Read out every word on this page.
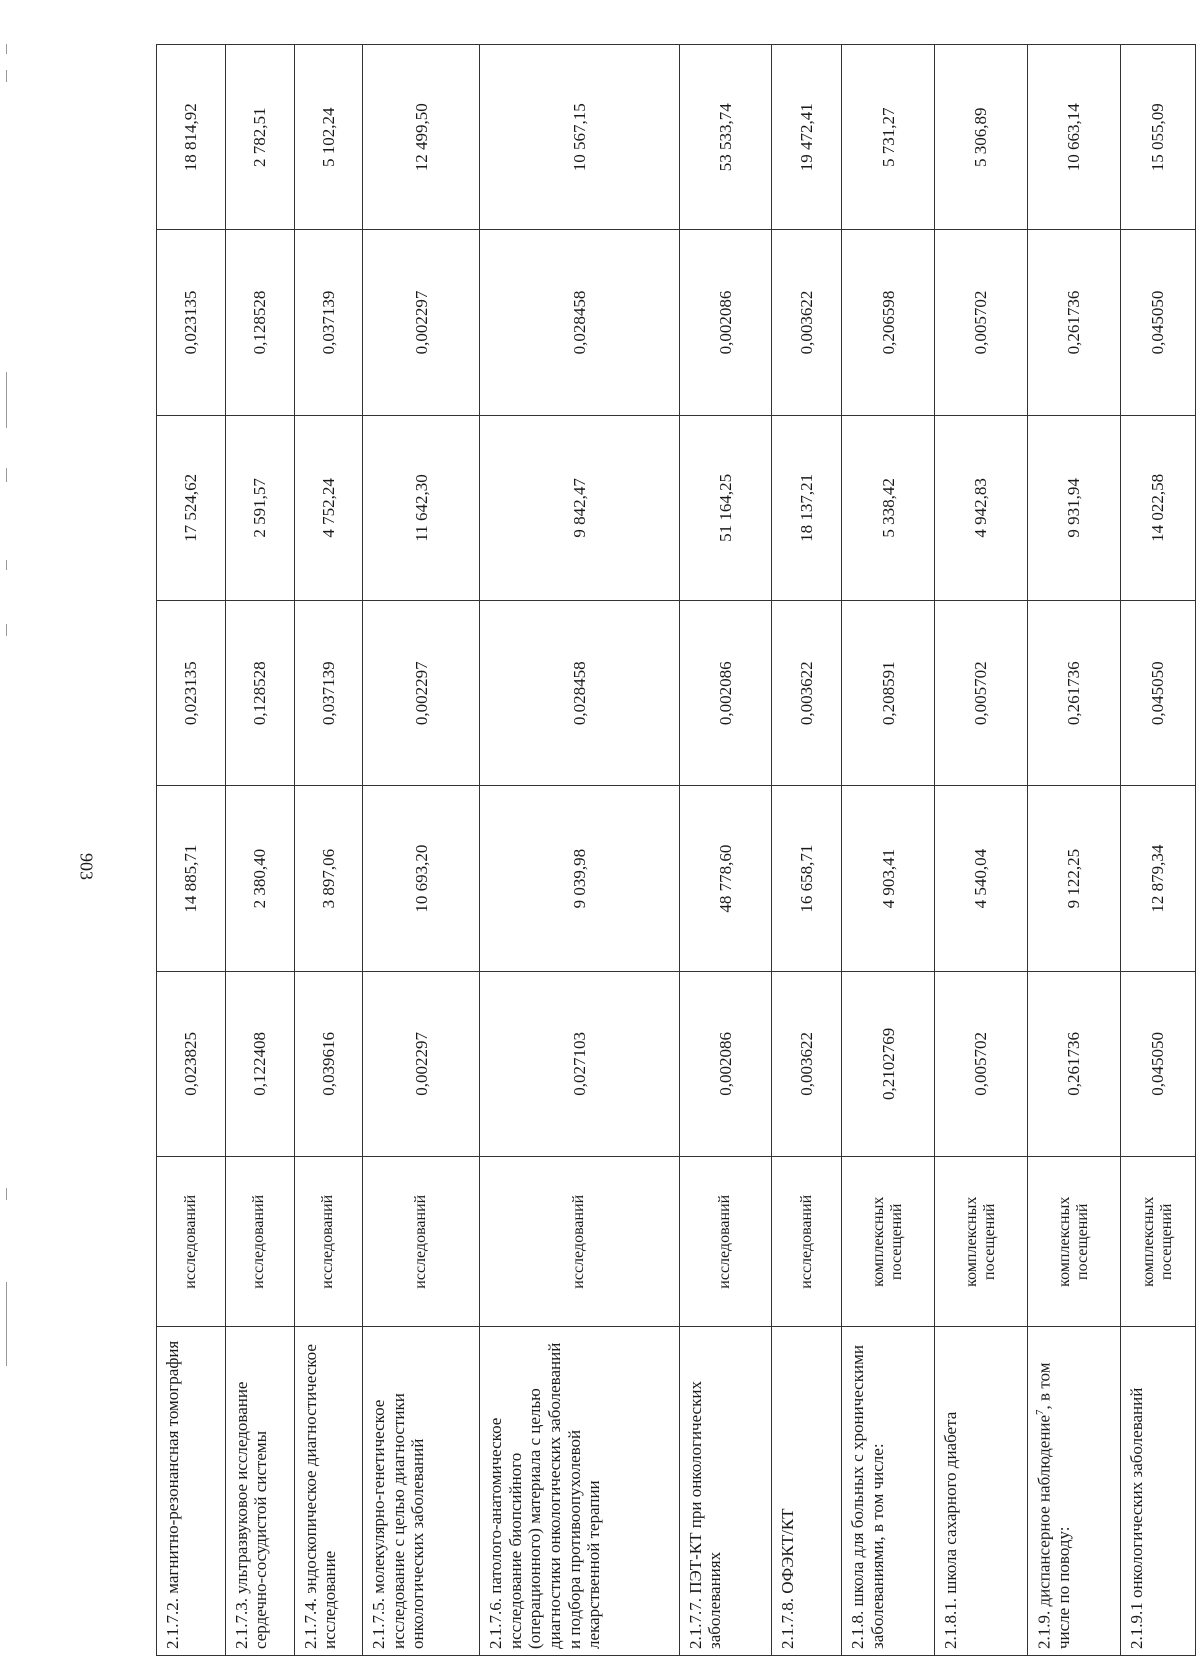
903
2.1.7.2. магнитно-резонансная томография	исследований	0,023825	14 885,71	0,023135	17 524,62	0,023135	18 814,92
2.1.7.3. ультразвуковое исследование сердечно-сосудистой системы	исследований	0,122408	2 380,40	0,128528	2 591,57	0,128528	2 782,51
2.1.7.4. эндоскопическое диагностическое исследование	исследований	0,039616	3 897,06	0,037139	4 752,24	0,037139	5 102,24
2.1.7.5. молекулярно-генетическое исследование с целью диагностики онкологических заболеваний	исследований	0,002297	10 693,20	0,002297	11 642,30	0,002297	12 499,50
2.1.7.6. патолого-анатомическое исследование биопсийного (операционного) материала с целью диагностики онкологических заболеваний и подбора противоопухолевой лекарственной терапии	исследований	0,027103	9 039,98	0,028458	9 842,47	0,028458	10 567,15
2.1.7.7. ПЭТ-КТ при онкологических заболеваниях	исследований	0,002086	48 778,60	0,002086	51 164,25	0,002086	53 533,74
2.1.7.8. ОФЭКТ/КТ	исследований	0,003622	16 658,71	0,003622	18 137,21	0,003622	19 472,41
2.1.8. школа для больных с хроническими заболеваниями, в том числе:	комплексных посещений	0,2102769	4 903,41	0,208591	5 338,42	0,206598	5 731,27
2.1.8.1. школа сахарного диабета	комплексных посещений	0,005702	4 540,04	0,005702	4 942,83	0,005702	5 306,89
2.1.9. диспансерное наблюдение$^7$, в том числе по поводу:	комплексных посещений	0,261736	9 122,25	0,261736	9 931,94	0,261736	10 663,14
2.1.9.1 онкологических заболеваний	комплексных посещений	0,045050	12 879,34	0,045050	14 022,58	0,045050	15 055,09
